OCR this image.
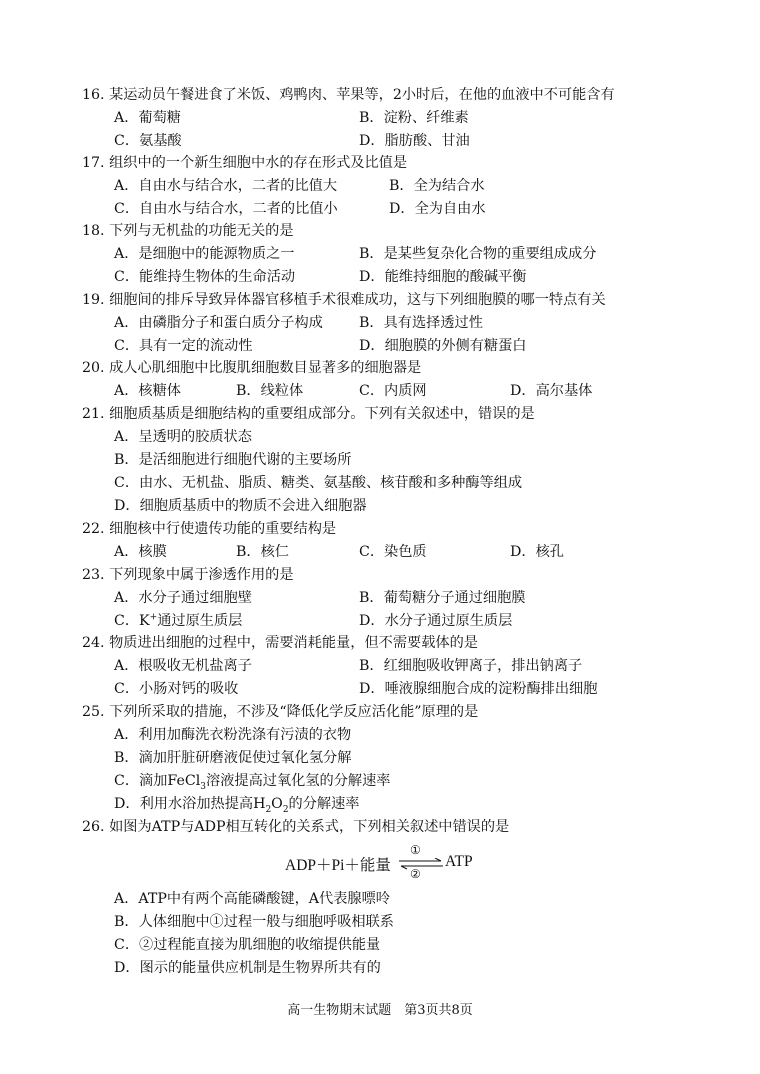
16. 某运动员午餐进食了米饭、鸡鸭肉、苹果等，2小时后，在他的血液中不可能含有
A．葡萄糖	B．淀粉、纤维素
C．氨基酸	D．脂肪酸、甘油
17. 组织中的一个新生细胞中水的存在形式及比值是
A．自由水与结合水，二者的比值大	B．全为结合水
C．自由水与结合水，二者的比值小	D．全为自由水
18. 下列与无机盐的功能无关的是
A．是细胞中的能源物质之一	B．是某些复杂化合物的重要组成成分
C．能维持生物体的生命活动	D．能维持细胞的酸碱平衡
19. 细胞间的排斥导致异体器官移植手术很难成功，这与下列细胞膜的哪一特点有关
A．由磷脂分子和蛋白质分子构成	B．具有选择透过性
C．具有一定的流动性	D．细胞膜的外侧有糖蛋白
20. 成人心肌细胞中比腹肌细胞数目显著多的细胞器是
A．核糖体	B．线粒体	C．内质网	D．高尔基体
21. 细胞质基质是细胞结构的重要组成部分。下列有关叙述中，错误的是
A．呈透明的胶质状态
B．是活细胞进行细胞代谢的主要场所
C．由水、无机盐、脂质、糖类、氨基酸、核苷酸和多种酶等组成
D．细胞质基质中的物质不会进入细胞器
22. 细胞核中行使遗传功能的重要结构是
A．核膜	B．核仁	C．染色质	D．核孔
23. 下列现象中属于渗透作用的是
A．水分子通过细胞壁	B．葡萄糖分子通过细胞膜
C．K+通过原生质层	D．水分子通过原生质层
24. 物质进出细胞的过程中，需要消耗能量，但不需要载体的是
A．根吸收无机盐离子	B．红细胞吸收钾离子，排出钠离子
C．小肠对钙的吸收	D．唾液腺细胞合成的淀粉酶排出细胞
25. 下列所采取的措施，不涉及“降低化学反应活化能”原理的是
A．利用加酶洗衣粉洗涤有污渍的衣物
B．滴加肝脏研磨液促使过氧化氢分解
C．滴加FeCl$_3$溶液提高过氧化氢的分解速率
D．利用水浴加热提高$H_2O_2$的分解速率
26. 如图为ATP与ADP相互转化的关系式，下列相关叙述中错误的是
ADP＋Pi＋能量
①
②
ATP
A．ATP中有两个高能磷酸键，A代表腺嘌呤
B．人体细胞中①过程一般与细胞呼吸相联系
C．②过程能直接为肌细胞的收缩提供能量
D．图示的能量供应机制是生物界所共有的
高一生物期末试题　第3页共8页
